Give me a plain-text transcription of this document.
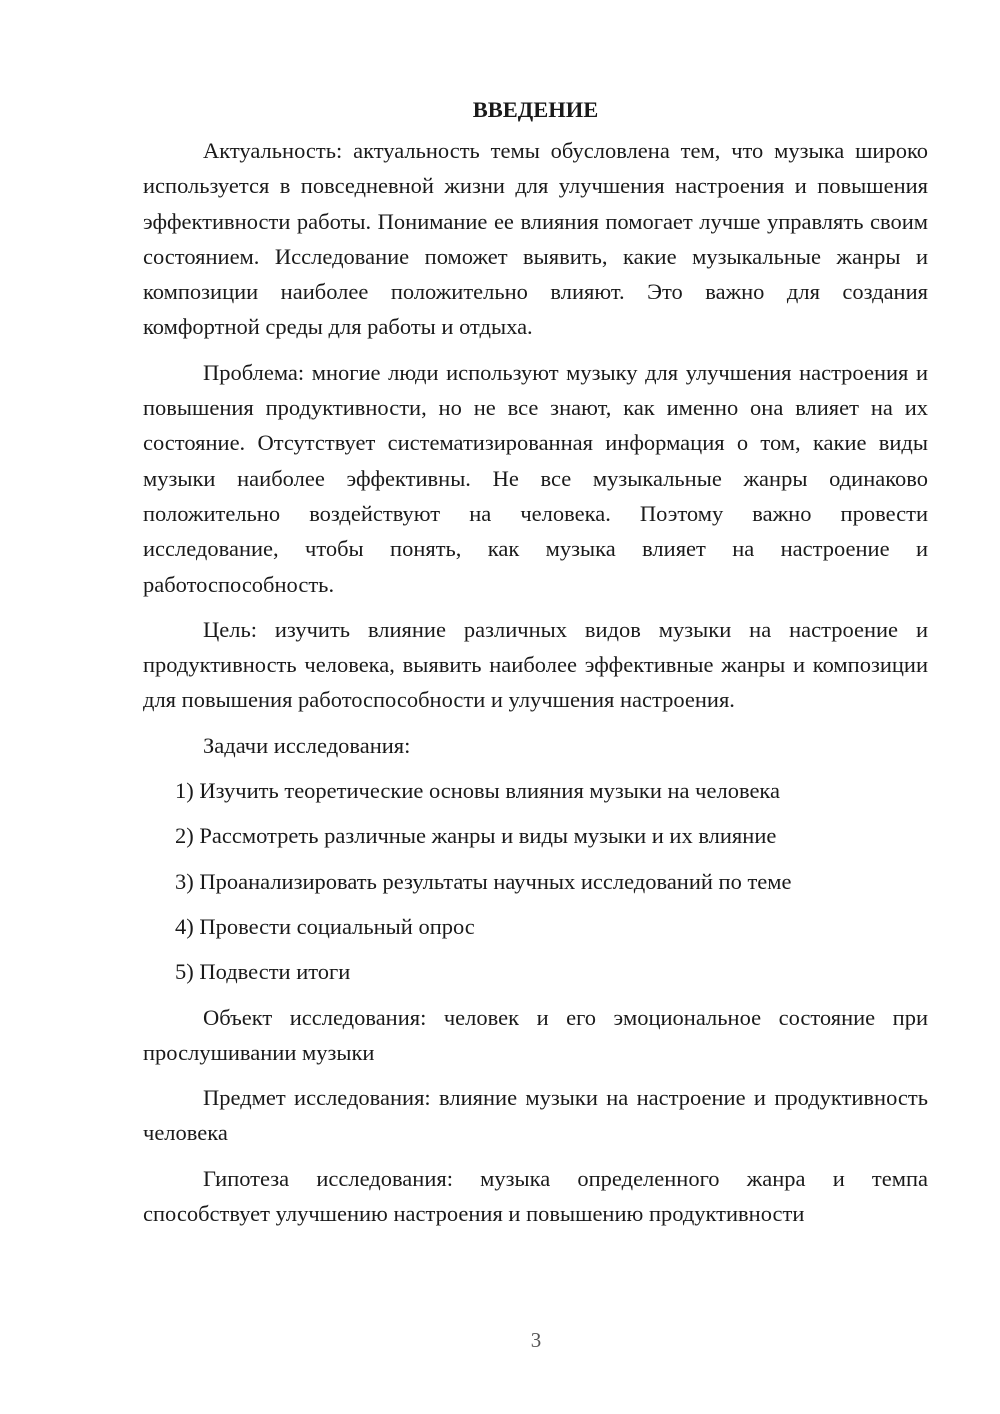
ВВЕДЕНИЕ

Актуальность: актуальность темы обусловлена тем, что музыка широко используется в повседневной жизни для улучшения настроения и повышения эффективности работы. Понимание ее влияния помогает лучше управлять своим состоянием. Исследование поможет выявить, какие музыкальные жанры и композиции наиболее положительно влияют. Это важно для создания комфортной среды для работы и отдыха.

Проблема: многие люди используют музыку для улучшения настроения и повышения продуктивности, но не все знают, как именно она влияет на их состояние. Отсутствует систематизированная информация о том, какие виды музыки наиболее эффективны. Не все музыкальные жанры одинаково положительно воздействуют на человека. Поэтому важно провести исследование, чтобы понять, как музыка влияет на настроение и работоспособность.

Цель: изучить влияние различных видов музыки на настроение и продуктивность человека, выявить наиболее эффективные жанры и композиции для повышения работоспособности и улучшения настроения.

Задачи исследования:

1) Изучить теоретические основы влияния музыки на человека
2) Рассмотреть различные жанры и виды музыки и их влияние
3) Проанализировать результаты научных исследований по теме
4) Провести социальный опрос
5) Подвести итоги

Объект исследования: человек и его эмоциональное состояние при прослушивании музыки

Предмет исследования: влияние музыки на настроение и продуктивность человека

Гипотеза исследования: музыка определенного жанра и темпа способствует улучшению настроения и повышению продуктивности

3
